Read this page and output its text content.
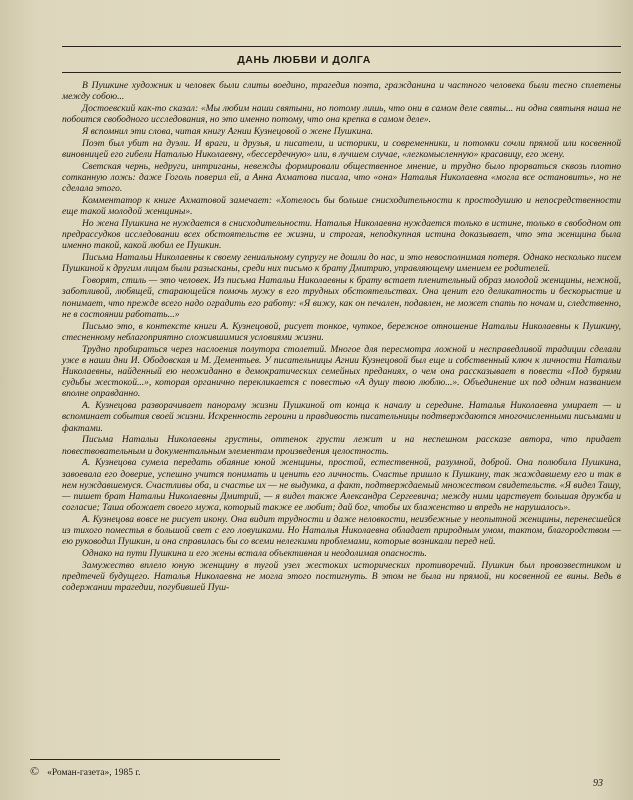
ДАНЬ ЛЮБВИ И ДОЛГА

В Пушкине художник и человек были слиты воедино, трагедия поэта, гражданина и частного человека были тесно сплетены между собою...

Достоевский как-то сказал: «Мы любим наши святыни, но потому лишь, что они в самом деле святы... ни одна святыня наша не побоится свободного исследования, но это именно потому, что она крепка в самом деле».

Я вспомнил эти слова, читая книгу Агнии Кузнецовой о жене Пушкина.

Поэт был убит на дуэли. И враги, и друзья, и писатели, и историки, и современники, и потомки сочли прямой или косвенной виновницей его гибели Наталью Николаевну, «бессердечную» или, в лучшем случае, «легкомысленную» красавицу, его жену.

Светская чернь, недруги, интриганы, невежды формировали общественное мнение, и трудно было прорваться сквозь плотно сотканную ложь: даже Гоголь поверил ей, а Анна Ахматова писала, что «она» Наталья Николаевна «могла все остановить», но не сделала этого.

Комментатор к книге Ахматовой замечает: «Хотелось бы больше снисходительности к простодушию и непосредственности еще такой молодой женщины».

Но жена Пушкина не нуждается в снисходительности. Наталья Николаевна нуждается только в истине, только в свободном от предрассудков исследовании всех обстоятельств ее жизни, и строгая, неподкупная истина доказывает, что эта женщина была именно такой, какой любил ее Пушкин.

Письма Натальи Николаевны к своему гениальному супругу не дошли до нас, и это невосполнимая потеря. Однако несколько писем Пушкиной к другим лицам были разысканы, среди них письмо к брату Дмитрию, управляющему имением ее родителей.

Говорят, стиль — это человек. Из письма Натальи Николаевны к брату встает пленительный образ молодой женщины, нежной, заботливой, любящей, старающейся помочь мужу в его трудных обстоятельствах. Она ценит его деликатность и бескорыстие и понимает, что прежде всего надо оградить его работу: «Я вижу, как он печален, подавлен, не может спать по ночам и, следственно, не в состоянии работать...»

Письмо это, в контексте книги А. Кузнецовой, рисует тонкое, чуткое, бережное отношение Натальи Николаевны к Пушкину, стесненному неблагоприятно сложившимися условиями жизни.

Трудно пробираться через наслоения полутора столетий. Многое для пересмотра ложной и несправедливой традиции сделали уже в наши дни И. Ободовская и М. Дементьев. У писательницы Агнии Кузнецовой был еще и собственный ключ к личности Натальи Николаевны, найденный ею неожиданно в демократических семейных преданиях, о чем она рассказывает в повести «Под бурями судьбы жестокой...», которая органично перекликается с повестью «А душу твою люблю...». Объединение их под одним названием вполне оправданно.

А. Кузнецова разворачивает панораму жизни Пушкиной от конца к началу и середине. Наталья Николаевна умирает — и вспоминает события своей жизни. Искренность героини и правдивость писательницы подтверждаются многочисленными письмами и фактами.

Письма Натальи Николаевны грустны, оттенок грусти лежит и на неспешном рассказе автора, что придает повествовательным и документальным элементам произведения целостность.

А. Кузнецова сумела передать обаяние юной женщины, простой, естественной, разумной, доброй. Она полюбила Пушкина, завоевала его доверие, успешно учится понимать и ценить его личность. Счастье пришло к Пушкину, так жаждавшему его и так в нем нуждавшемуся. Счастливы оба, и счастье их — не выдумка, а факт, подтверждаемый множеством свидетельств. «Я видел Ташу, — пишет брат Натальи Николаевны Дмитрий, — я видел также Александра Сергеевича; между ними царствует большая дружба и согласие; Таша обожает своего мужа, который также ее любит; дай бог, чтобы их блаженство и впредь не нарушалось».

А. Кузнецова вовсе не рисует икону. Она видит трудности и даже неловкости, неизбежные у неопытной женщины, перенесшейся из тихого поместья в большой свет с его ловушками. Но Наталья Николаевна обладает природным умом, тактом, благородством — ею руководил Пушкин, и она справилась бы со всеми нелегкими проблемами, которые возникали перед ней.

Однако на пути Пушкина и его жены встала объективная и неодолимая опасность.

Замужество вплело юную женщину в тугой узел жестоких исторических противоречий. Пушкин был провозвестником и предтечей будущего. Наталья Николаевна не могла этого постигнуть. В этом не была ни прямой, ни косвенной ее вины. Ведь в содержании трагедии, погубившей Пуш-

© «Роман-газета», 1985 г.
93
